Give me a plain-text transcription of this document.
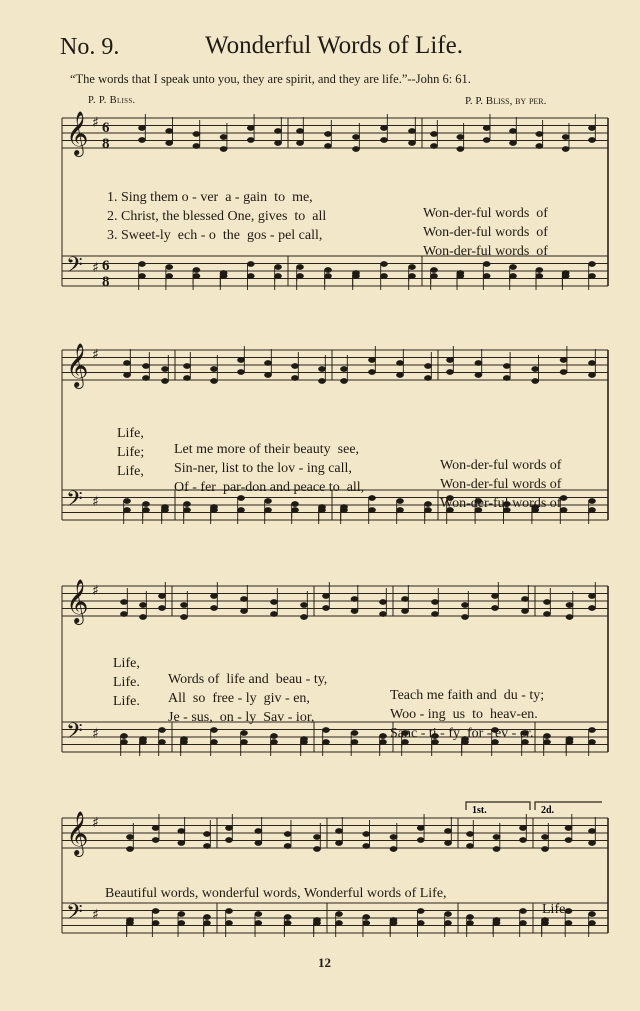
No. 9.	Wonderful Words of Life.
“The words that I speak unto you, they are spirit, and they are life.”--John 6: 61.
P. P. Bliss.	P. P. Bliss, by per.
𝄞 ♯ 6
8
𝄢 ♯ 6
8
𝄞 ♯
𝄢 ♯
𝄞 ♯
𝄢 ♯
𝄞 ♯
𝄢 ♯
1st.	2d.

1. Sing them o - ver  a - gain  to  me,

Won-der-ful words  of

2. Christ, the blessed One, gives  to  all

Won-der-ful words  of

3. Sweet-ly  ech - o  the  gos - pel call,

Won-der-ful words  of

Life,

Let me more of their beauty  see,

Won-der-ful words of

Life;

Sin-ner, list to the lov - ing call,

Won-der-ful words of

Life,

Of - fer  par-don and peace to  all,

Won-der-ful words of

Life,

Words of  life and  beau - ty,

Teach me faith and  du - ty;

Life.

All  so  free - ly  giv - en,

Woo - ing  us  to  heav-en.

Life.

Je - sus,  on - ly  Sav - ior,

Sanc - ti - fy  for - ev - er.

Beautiful words, wonderful words, Wonderful words of Life,

Life.

12
